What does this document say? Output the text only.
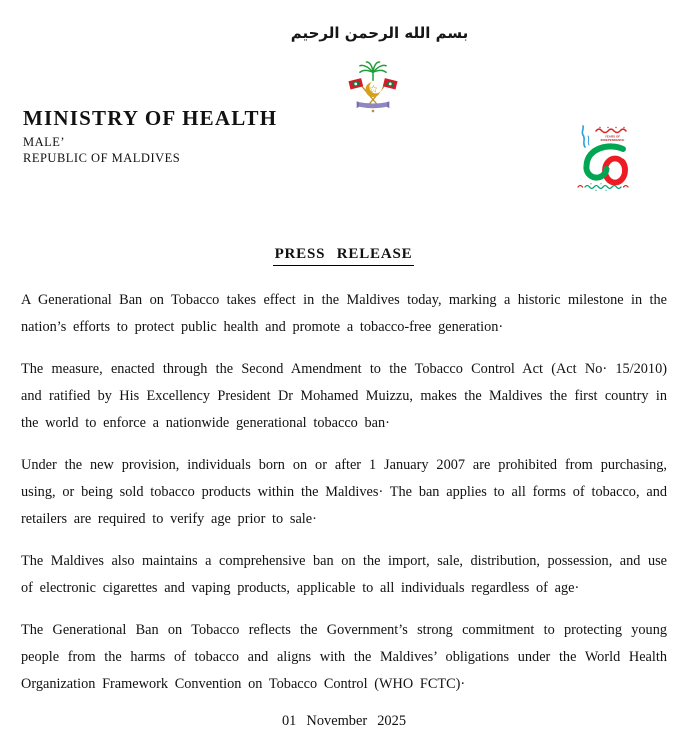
بسم الله الرحمن الرحيم
MINISTRY OF HEALTH
MALE’
REPUBLIC OF MALDIVES
YEARS OF
INDEPENDENCE
PRESS RELEASE

A Generational Ban on Tobacco takes effect in the Maldives today, marking a historic milestone in the nation’s efforts to protect public health and promote a tobacco-free generation·

The measure, enacted through the Second Amendment to the Tobacco Control Act (Act No· 15/2010) and ratified by His Excellency President Dr Mohamed Muizzu, makes the Maldives the first country in the world to enforce a nationwide generational tobacco ban·

Under the new provision, individuals born on or after 1 January 2007 are prohibited from purchasing, using, or being sold tobacco products within the Maldives· The ban applies to all forms of tobacco, and retailers are required to verify age prior to sale·

The Maldives also maintains a comprehensive ban on the import, sale, distribution, possession, and use of electronic cigarettes and vaping products, applicable to all individuals regardless of age·

The Generational Ban on Tobacco reflects the Government’s strong commitment to protecting young people from the harms of tobacco and aligns with the Maldives’ obligations under the World Health Organization Framework Convention on Tobacco Control (WHO FCTC)·

01 November 2025
